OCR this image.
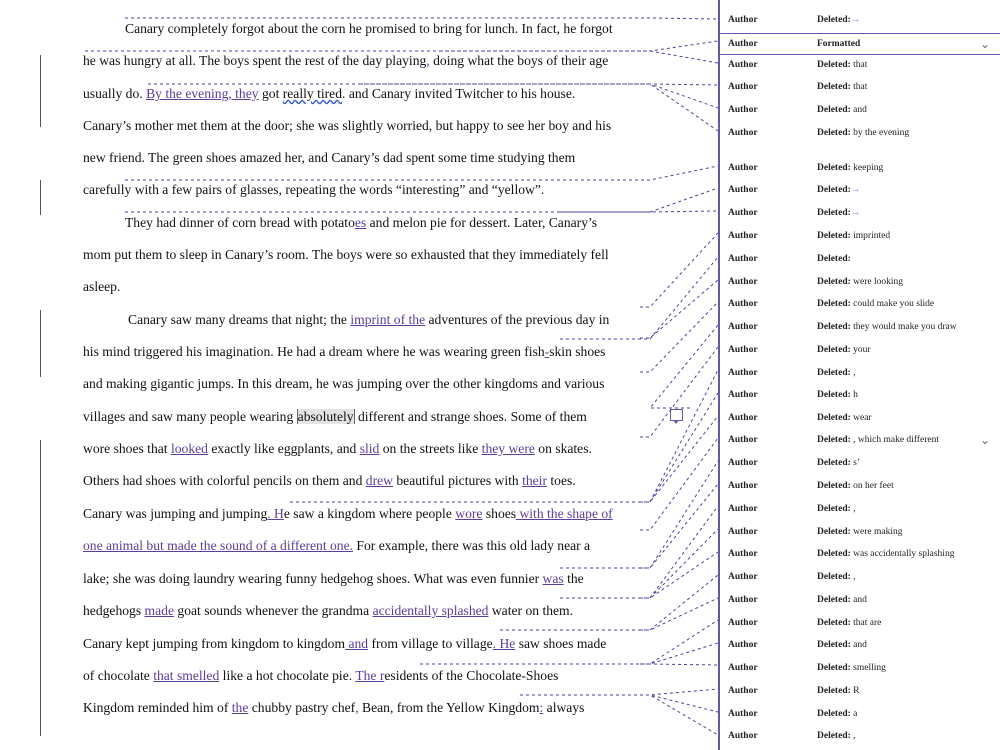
Canary completely forgot about the corn he promised to bring for lunch. In fact, he forgot
he was hungry at all. The boys spent the rest of the day playing, doing what the boys of their age
usually do. By the evening, they got really tired. and Canary invited Twitcher to his house.
Canary’s mother met them at the door; she was slightly worried, but happy to see her boy and his
new friend. The green shoes amazed her, and Canary’s dad spent some time studying them
carefully with a few pairs of glasses, repeating the words “interesting” and “yellow”.
They had dinner of corn bread with potatoes and melon pie for dessert. Later, Canary’s
mom put them to sleep in Canary’s room. The boys were so exhausted that they immediately fell
asleep.
Canary saw many dreams that night; the imprint of the adventures of the previous day in
his mind triggered his imagination. He had a dream where he was wearing green fish-skin shoes
and making gigantic jumps. In this dream, he was jumping over the other kingdoms and various
villages and saw many people wearing absolutely different and strange shoes. Some of them
wore shoes that looked exactly like eggplants, and slid on the streets like they were on skates.
Others had shoes with colorful pencils on them and drew beautiful pictures with their toes.
Canary was jumping and jumping. He saw a kingdom where people wore shoes with the shape of
one animal but made the sound of a different one. For example, there was this old lady near a
lake; she was doing laundry wearing funny hedgehog shoes. What was even funnier was the
hedgehogs made goat sounds whenever the grandma accidentally splashed water on them.
Canary kept jumping from kingdom to kingdom and from village to village. He saw shoes made
of chocolate that smelled like a hot chocolate pie. The residents of the Chocolate-Shoes
Kingdom reminded him of the chubby pastry chef, Bean, from the Yellow Kingdom: always
Author	Deleted:→
Author	Formatted	⌄
Author	Deleted: that
Author	Deleted: that
Author	Deleted: and
Author	Deleted: by the evening
Author	Deleted: keeping
Author	Deleted:→
Author	Deleted:→
Author	Deleted: imprinted
Author	Deleted:
Author	Deleted: were looking
Author	Deleted: could make you slide
Author	Deleted: they would make you draw
Author	Deleted: your
Author	Deleted: ,
Author	Deleted: h
Author	Deleted: wear
Author	Deleted: , which make different	⌄
Author	Deleted: s’
Author	Deleted: on her feet
Author	Deleted: ,
Author	Deleted: were making
Author	Deleted: was accidentally splashing
Author	Deleted: ,
Author	Deleted: and
Author	Deleted: that are
Author	Deleted: and
Author	Deleted: smelling
Author	Deleted: R
Author	Deleted: a
Author	Deleted: ,
